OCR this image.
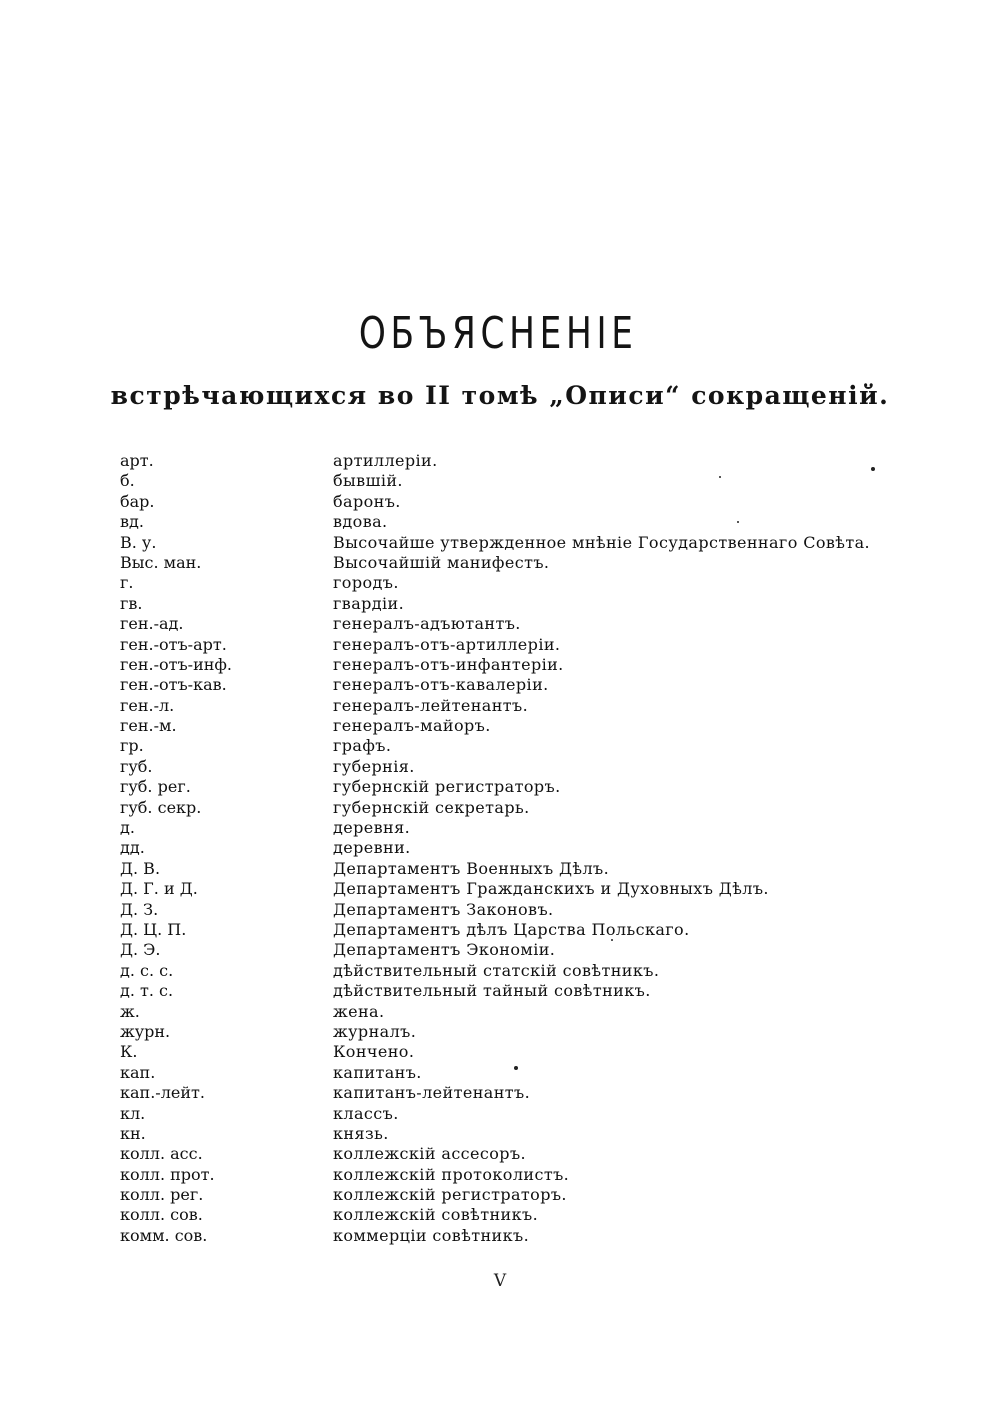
ОБЪЯСНЕНІЕ
встрѣчающихся во II томѣ „Описи“ сокращеній.
арт.	артиллеріи.
б.	бывшій.
бар.	баронъ.
вд.	вдова.
В. у.	Высочайше утвержденное мнѣніе Государственнаго Совѣта.
Выс. ман.	Высочайшій манифестъ.
г.	городъ.
гв.	гвардіи.
ген.-ад.	генералъ-адъютантъ.
ген.-отъ-арт.	генералъ-отъ-артиллеріи.
ген.-отъ-инф.	генералъ-отъ-инфантеріи.
ген.-отъ-кав.	генералъ-отъ-кавалеріи.
ген.-л.	генералъ-лейтенантъ.
ген.-м.	генералъ-майоръ.
гр.	графъ.
губ.	губернія.
губ. рег.	губернскій регистраторъ.
губ. секр.	губернскій секретарь.
д.	деревня.
дд.	деревни.
Д. В.	Департаментъ Военныхъ Дѣлъ.
Д. Г. и Д.	Департаментъ Гражданскихъ и Духовныхъ Дѣлъ.
Д. З.	Департаментъ Законовъ.
Д. Ц. П.	Департаментъ дѣлъ Царства Польскаго.
Д. Э.	Департаментъ Экономіи.
д. с. с.	дѣйствительный статскій совѣтникъ.
д. т. с.	дѣйствительный тайный совѣтникъ.
ж.	жена.
журн.	журналъ.
К.	Кончено.
кап.	капитанъ.
кап.-лейт.	капитанъ-лейтенантъ.
кл.	классъ.
кн.	князь.
колл. асс.	коллежскій ассесоръ.
колл. прот.	коллежскій протоколистъ.
колл. рег.	коллежскій регистраторъ.
колл. сов.	коллежскій совѣтникъ.
комм. сов.	коммерціи совѣтникъ.
V
